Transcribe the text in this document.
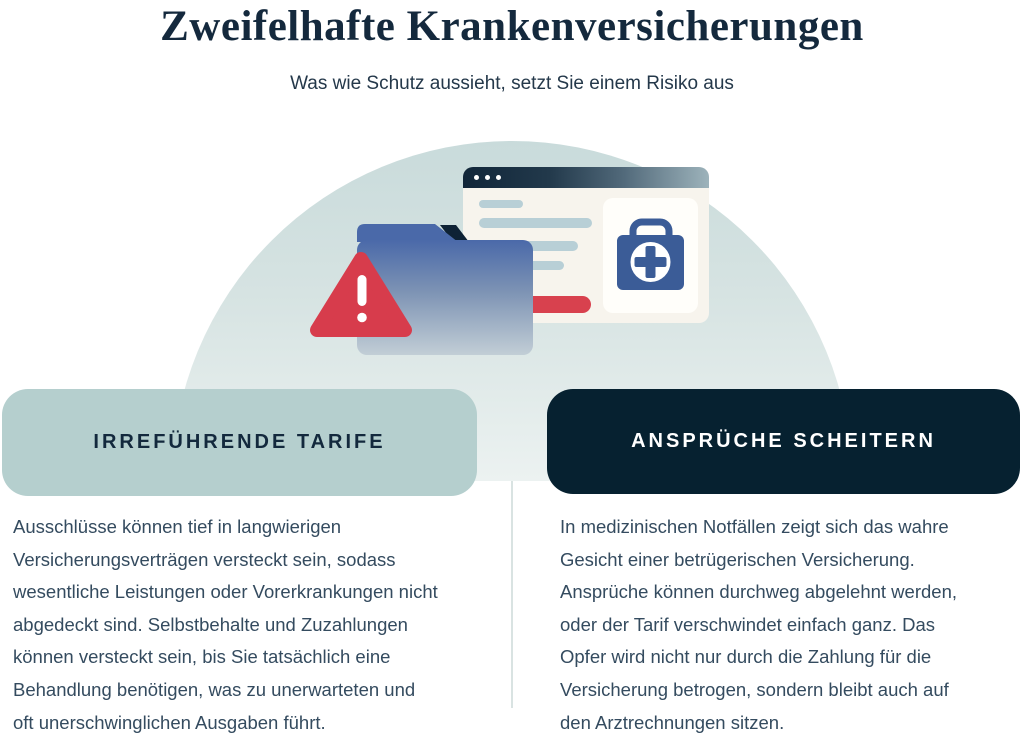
Zweifelhafte Krankenversicherungen
Was wie Schutz aussieht, setzt Sie einem Risiko aus
IRREFÜHRENDE TARIFE	ANSPRÜCHE SCHEITERN
Ausschlüsse können tief in langwierigen
Versicherungsverträgen versteckt sein, sodass
wesentliche Leistungen oder Vorerkrankungen nicht
abgedeckt sind. Selbstbehalte und Zuzahlungen
können versteckt sein, bis Sie tatsächlich eine
Behandlung benötigen, was zu unerwarteten und
oft unerschwinglichen Ausgaben führt.
In medizinischen Notfällen zeigt sich das wahre
Gesicht einer betrügerischen Versicherung.
Ansprüche können durchweg abgelehnt werden,
oder der Tarif verschwindet einfach ganz. Das
Opfer wird nicht nur durch die Zahlung für die
Versicherung betrogen, sondern bleibt auch auf
den Arztrechnungen sitzen.
